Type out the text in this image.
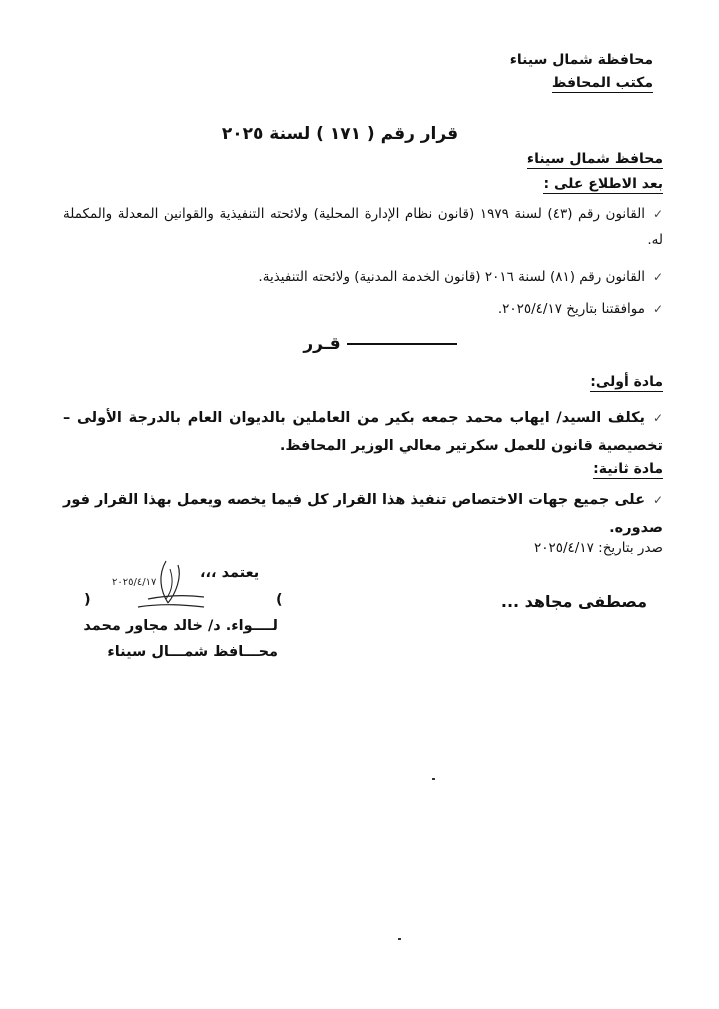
محافظة شمال سيناء
مكتب المحافظ
قرار رقم ( ١٧١ ) لسنة ٢٠٢٥
محافظ شمال سيناء
بعد الاطلاع على :
✓القانون رقم (٤٣) لسنة ١٩٧٩ (قانون نظام الإدارة المحلية) ولائحته التنفيذية والقوانين المعدلة والمكملة له.
✓القانون رقم (٨١) لسنة ٢٠١٦ (قانون الخدمة المدنية) ولائحته التنفيذية.
✓موافقتنا بتاريخ ٢٠٢٥/٤/١٧.
قـرر
مادة أولى:
✓يكلف السيد/ ايهاب محمد جمعه بكير من العاملين بالديوان العام بالدرجة الأولى – تخصيصية قانون للعمل سكرتير معالي الوزير المحافظ.
مادة ثانية:
✓على جميع جهات الاختصاص تنفيذ هذا القرار كل فيما يخصه ويعمل بهذا القرار فور صدوره.
صدر بتاريخ: ٢٠٢٥/٤/١٧
يعتمد ،،،
(
)
٢٠٢٥/٤/١٧
لــــواء. د/ خالد مجاور محمد
محـــافظ شمـــال سيناء
مصطفى مجاهد ...
